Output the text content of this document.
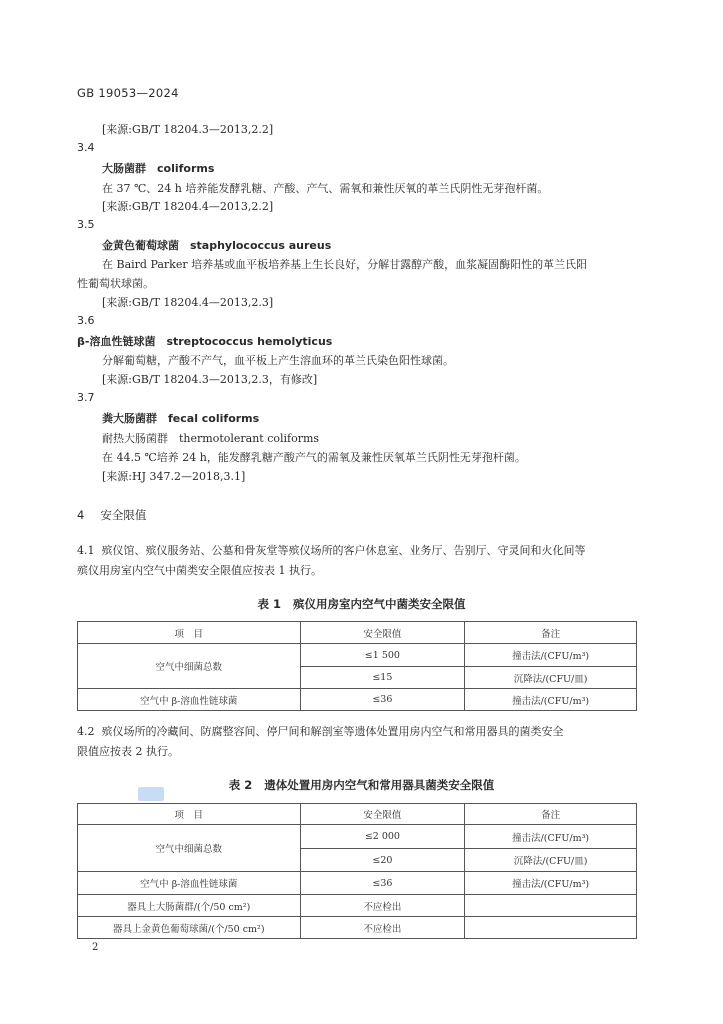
GB 19053—2024
[来源:GB/T 18204.3—2013,2.2]
3.4
大肠菌群　coliforms
在 37 ℃、24 h 培养能发酵乳糖、产酸、产气、需氧和兼性厌氧的革兰氏阴性无芽孢杆菌。
[来源:GB/T 18204.4—2013,2.2]
3.5
金黄色葡萄球菌　staphylococcus aureus
在 Baird Parker 培养基或血平板培养基上生长良好，分解甘露醇产酸，血浆凝固酶阳性的革兰氏阳
性葡萄状球菌。
[来源:GB/T 18204.4—2013,2.3]
3.6
β-溶血性链球菌　streptococcus hemolyticus
分解葡萄糖，产酸不产气，血平板上产生溶血环的革兰氏染色阳性球菌。
[来源:GB/T 18204.3—2013,2.3，有修改]
3.7
粪大肠菌群　fecal coliforms
耐热大肠菌群　thermotolerant coliforms
在 44.5 ℃培养 24 h，能发酵乳糖产酸产气的需氧及兼性厌氧革兰氏阴性无芽孢杆菌。
[来源:HJ 347.2—2018,3.1]
4 安全限值
4.1 殡仪馆、殡仪服务站、公墓和骨灰堂等殡仪场所的客户休息室、业务厅、告别厅、守灵间和火化间等
殡仪用房室内空气中菌类安全限值应按表 1 执行。
表 1 殡仪用房室内空气中菌类安全限值
项　目	安全限值	备注
空气中细菌总数	≤1 500	撞击法/(CFU/m³)
	≤15	沉降法/(CFU/皿)
空气中 β-溶血性链球菌	≤36	撞击法/(CFU/m³)
4.2 殡仪场所的冷藏间、防腐整容间、停尸间和解剖室等遗体处置用房内空气和常用器具的菌类安全
限值应按表 2 执行。
表 2 遗体处置用房内空气和常用器具菌类安全限值
项　目	安全限值	备注
空气中细菌总数	≤2 000	撞击法/(CFU/m³)
	≤20	沉降法/(CFU/皿)
空气中 β-溶血性链球菌	≤36	撞击法/(CFU/m³)
器具上大肠菌群/(个/50 cm²)	不应检出	
器具上金黄色葡萄球菌/(个/50 cm²)	不应检出	
2
